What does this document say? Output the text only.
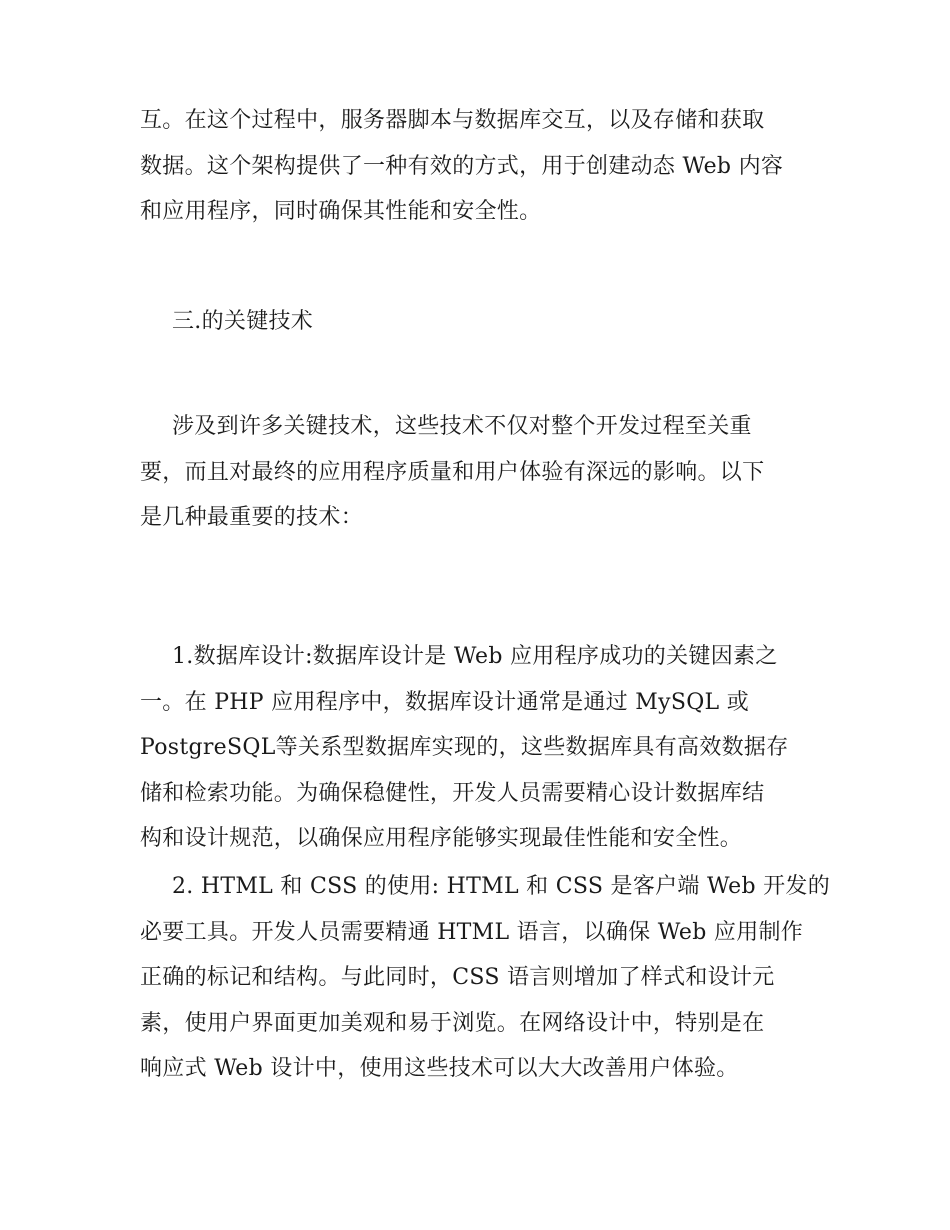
互。在这个过程中，服务器脚本与数据库交互，以及存储和获取
数据。这个架构提供了一种有效的方式，用于创建动态 Web 内容
和应用程序，同时确保其性能和安全性。
三.的关键技术
涉及到许多关键技术，这些技术不仅对整个开发过程至关重
要，而且对最终的应用程序质量和用户体验有深远的影响。以下
是几种最重要的技术：
1.数据库设计:数据库设计是 Web 应用程序成功的关键因素之
一。在 PHP 应用程序中，数据库设计通常是通过 MySQL 或
PostgreSQL等关系型数据库实现的，这些数据库具有高效数据存
储和检索功能。为确保稳健性，开发人员需要精心设计数据库结
构和设计规范，以确保应用程序能够实现最佳性能和安全性。
2. HTML 和 CSS 的使用: HTML 和 CSS 是客户端 Web 开发的
必要工具。开发人员需要精通 HTML 语言，以确保 Web 应用制作
正确的标记和结构。与此同时，CSS 语言则增加了样式和设计元
素，使用户界面更加美观和易于浏览。在网络设计中，特别是在
响应式 Web 设计中，使用这些技术可以大大改善用户体验。
